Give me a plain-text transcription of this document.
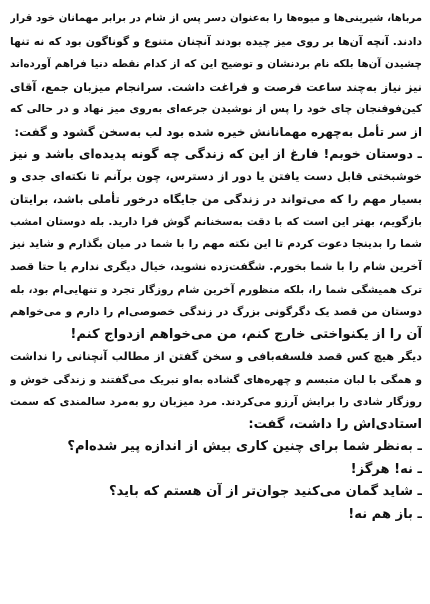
مرباها، شیرینی‌ها و میوه‌ها را به‌عنوان دسر پس از شام در برابر مهمانان خود قرار
دادند. آنچه آن‌ها بر روی میز چیده بودند آنچنان متنوع و گوناگون بود که نه تنها
چشیدن آن‌ها بلکه نام بردنشان و توضیح این که از کدام نقطه دنیا فراهم آورده‌اند
نیز نیاز به‌چند ساعت فرصت و فراغت داشت. سرانجام میزبان جمع، آقای
کین‌فوفنجان چای خود را پس از نوشیدن جرعه‌ای به‌روی میز نهاد و در حالی که
از سر تأمل به‌چهره مهمانانش خیره شده بود لب به‌سخن گشود و گفت:
ـ دوستان خوبم! فارغ از این که زندگی چه گونه پدیده‌ای باشد و نیز
خوشبختی قابل دست یافتن یا دور از دسترس، چون برآنم تا نکته‌ای جدی و
بسیار مهم را که می‌تواند در زندگی من جایگاه درخور تأملی باشد، برایتان
بازگویم، بهتر این است که با دقت به‌سخنانم گوش فرا دارید. بله دوستان امشب
شما را بدینجا دعوت کردم تا این نکته مهم را با شما در میان بگذارم و شاید نیز
آخرین شام را با شما بخورم. شگفت‌زده نشوید، خیال دیگری ندارم یا حتا قصد
ترک همیشگی شما را، بلکه منظورم آخرین شام روزگار تجرد و تنهایی‌ام بود، بله
دوستان من قصد یک دگرگونی بزرگ در زندگی خصوصی‌ام را دارم و می‌خواهم
آن را از یکنواختی خارج کنم، من می‌خواهم ازدواج کنم!
دیگر هیچ کس قصد فلسفه‌بافی و سخن گفتن از مطالب آنچنانی را نداشت
و همگی با لبان متبسم و چهره‌های گشاده به‌او تبریک می‌گفتند و زندگی خوش و
روزگار شادی را برایش آرزو می‌کردند. مرد میزبان رو به‌مرد سالمندی که سمت
استادی‌اش را داشت، گفت:
ـ به‌نظر شما برای چنین کاری بیش از اندازه پیر شده‌ام؟
ـ نه! هرگز!
ـ شاید گمان می‌کنید جوان‌تر از آن هستم که باید؟
ـ باز هم نه!
